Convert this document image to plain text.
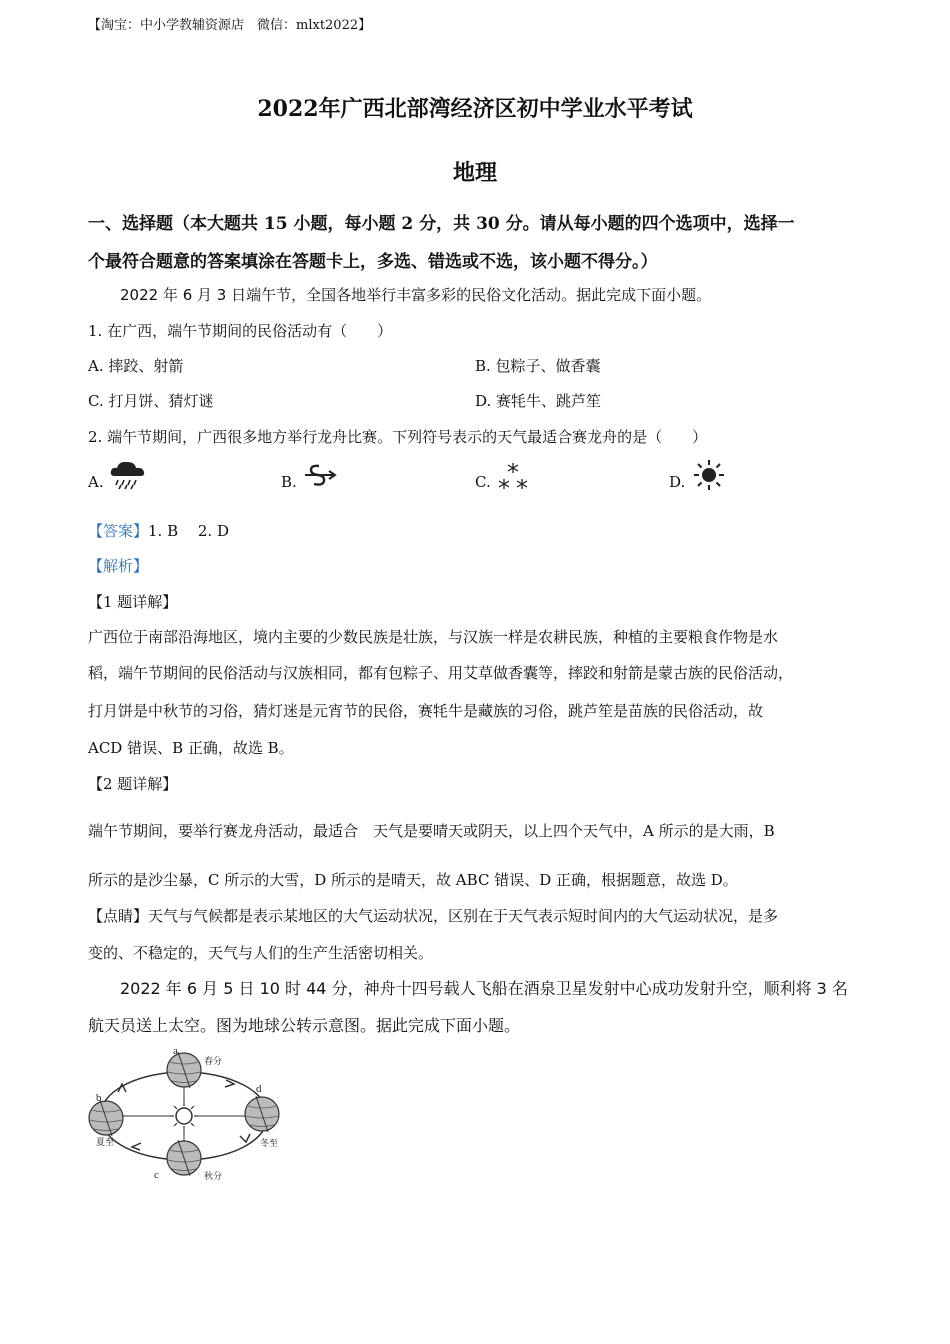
【淘宝：中小学教辅资源店　微信：mlxt2022】
2022年广西北部湾经济区初中学业水平考试
地理
一、选择题（本大题共 15 小题，每小题 2 分，共 30 分。请从每小题的四个选项中，选择一
个最符合题意的答案填涂在答题卡上，多选、错选或不选，该小题不得分。）
2022 年 6 月 3 日端午节，全国各地举行丰富多彩的民俗文化活动。据此完成下面小题。
1. 在广西，端午节期间的民俗活动有（　　）
A. 摔跤、射箭	B. 包粽子、做香囊
C. 打月饼、猜灯谜	D. 赛牦牛、跳芦笙
2. 端午节期间，广西很多地方举行龙舟比赛。下列符号表示的天气最适合赛龙舟的是（　　）
A.	B.	C.	D.
【答案】1. B　 2. D
【解析】
【1 题详解】
广西位于南部沿海地区，境内主要的少数民族是壮族，与汉族一样是农耕民族，种植的主要粮食作物是水
稻，端午节期间的民俗活动与汉族相同，都有包粽子、用艾草做香囊等，摔跤和射箭是蒙古族的民俗活动，
打月饼是中秋节的习俗，猜灯迷是元宵节的民俗，赛牦牛是藏族的习俗，跳芦笙是苗族的民俗活动，故
ACD 错误、B 正确，故选 B。
【2 题详解】
端午节期间，要举行赛龙舟活动，最适合　天气是要晴天或阴天，以上四个天气中，A 所示的是大雨，B
所示的是沙尘暴，C 所示的大雪，D 所示的是晴天，故 ABC 错误、D 正确，根据题意，故选 D。
【点睛】天气与气候都是表示某地区的大气运动状况，区别在于天气表示短时间内的大气运动状况，是多
变的、不稳定的，天气与人们的生产生活密切相关。
2022 年 6 月 5 日 10 时 44 分，神舟十四号载人飞船在酒泉卫星发射中心成功发射升空，顺利将 3 名
航天员送上太空。图为地球公转示意图。据此完成下面小题。
a
b
c
d
春分
夏至
秋分
冬至
